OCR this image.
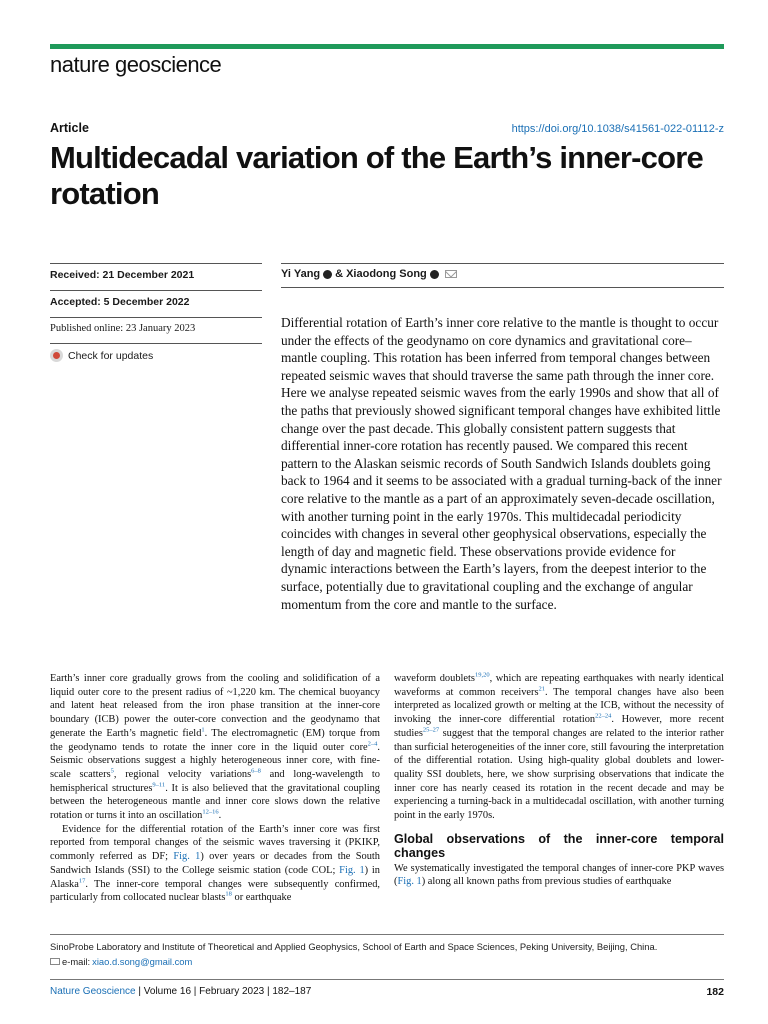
nature geoscience
Article	https://doi.org/10.1038/s41561-022-01112-z
Multidecadal variation of the Earth’s inner-core rotation
Received: 21 December 2021
Accepted: 5 December 2022
Published online: 23 January 2023
Check for updates
Yi Yang & Xiaodong Song

Differential rotation of Earth’s inner core relative to the mantle is thought to occur under the effects of the geodynamo on core dynamics and gravitational core–mantle coupling. This rotation has been inferred from temporal changes between repeated seismic waves that should traverse the same path through the inner core. Here we analyse repeated seismic waves from the early 1990s and show that all of the paths that previously showed significant temporal changes have exhibited little change over the past decade. This globally consistent pattern suggests that differential inner-core rotation has recently paused. We compared this recent pattern to the Alaskan seismic records of South Sandwich Islands doublets going back to 1964 and it seems to be associated with a gradual turning-back of the inner core relative to the mantle as a part of an approximately seven-decade oscillation, with another turning point in the early 1970s. This multidecadal periodicity coincides with changes in several other geophysical observations, especially the length of day and magnetic field. These observations provide evidence for dynamic interactions between the Earth’s layers, from the deepest interior to the surface, potentially due to gravitational coupling and the exchange of angular momentum from the core and mantle to the surface.

Earth’s inner core gradually grows from the cooling and solidification of a liquid outer core to the present radius of ~1,220 km. The chemical buoyancy and latent heat released from the iron phase transition at the inner-core boundary (ICB) power the outer-core convection and the geodynamo that generate the Earth’s magnetic field$^1$. The electromagnetic (EM) torque from the geodynamo tends to rotate the inner core in the liquid outer core$^{2-4}$. Seismic observations suggest a highly heterogeneous inner core, with fine-scale scatters$^5$, regional velocity variations$^{6-8}$ and long-wavelength to hemispherical structures$^{9-11}$. It is also believed that the gravitational coupling between the heterogeneous mantle and inner core slows down the relative rotation or turns it into an oscillation$^{12-16}$.

Evidence for the differential rotation of the Earth’s inner core was first reported from temporal changes of the seismic waves traversing it (PKIKP, commonly referred as DF; Fig. 1) over years or decades from the South Sandwich Islands (SSI) to the College seismic station (code COL; Fig. 1) in Alaska$^{17}$. The inner-core temporal changes were subsequently confirmed, particularly from collocated nuclear blasts$^{18}$ or earthquake

waveform doublets$^{19,20}$, which are repeating earthquakes with nearly identical waveforms at common receivers$^{21}$. The temporal changes have also been interpreted as localized growth or melting at the ICB, without the necessity of invoking the inner-core differential rotation$^{22-24}$. However, more recent studies$^{25-27}$ suggest that the temporal changes are related to the interior rather than surficial heterogeneities of the inner core, still favouring the interpretation of the differential rotation. Using high-quality global doublets and lower-quality SSI doublets, here, we show surprising observations that indicate the inner core has nearly ceased its rotation in the recent decade and may be experiencing a turning-back in a multidecadal oscillation, with another turning point in the early 1970s.

Global observations of the inner-core temporal changes

We systematically investigated the temporal changes of inner-core PKP waves (Fig. 1) along all known paths from previous studies of earthquake

SinoProbe Laboratory and Institute of Theoretical and Applied Geophysics, School of Earth and Space Sciences, Peking University, Beijing, China.
e-mail: xiao.d.song@gmail.com
Nature Geoscience | Volume 16 | February 2023 | 182–187	182
